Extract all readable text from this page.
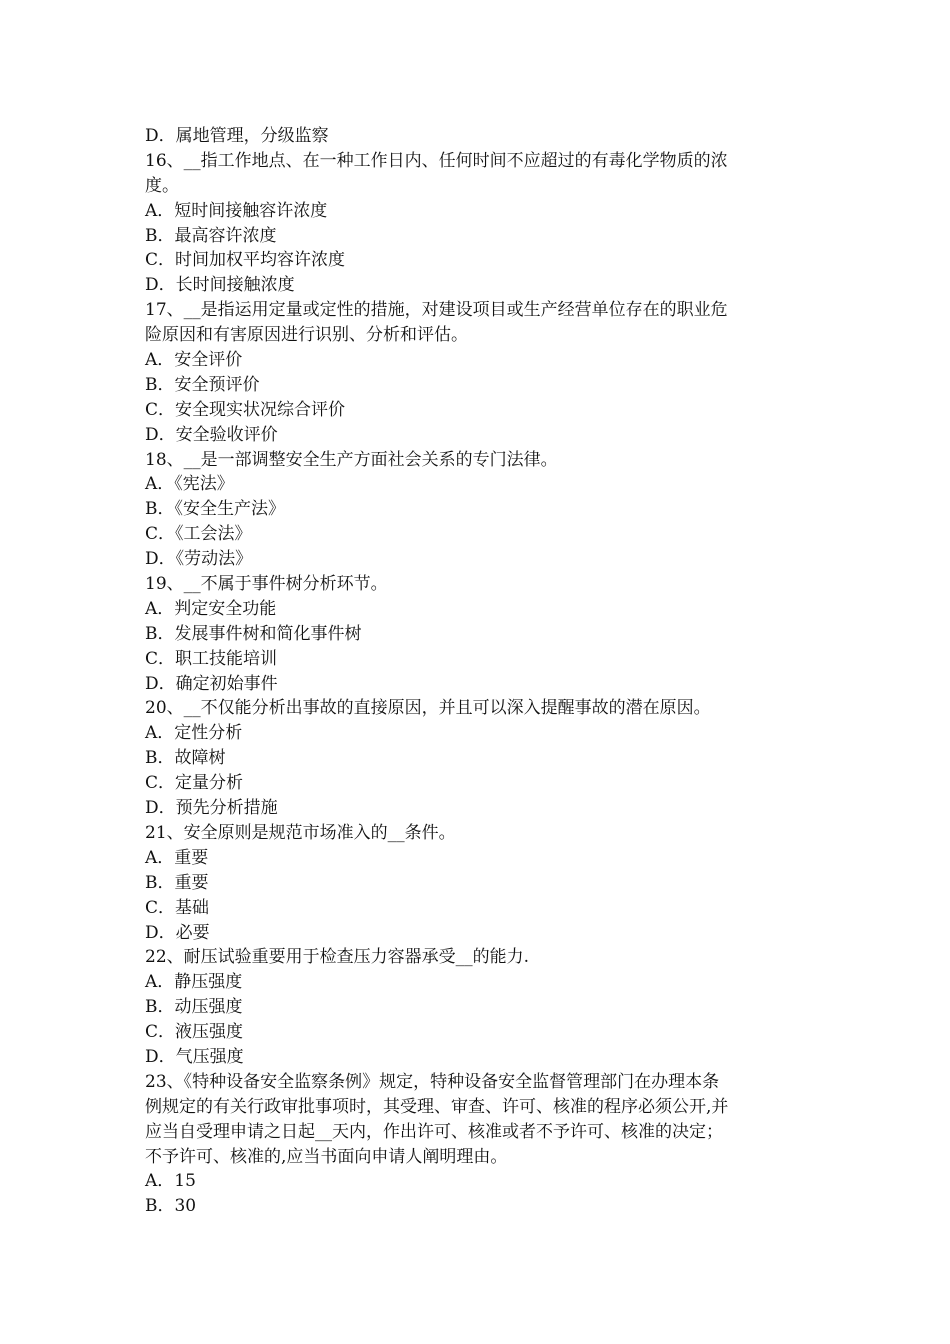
D．属地管理，分级监察
16、__指工作地点、在一种工作日内、任何时间不应超过的有毒化学物质的浓
度。
A．短时间接触容许浓度
B．最高容许浓度
C．时间加权平均容许浓度
D．长时间接触浓度
17、__是指运用定量或定性的措施，对建设项目或生产经营单位存在的职业危
险原因和有害原因进行识别、分析和评估。
A．安全评价
B．安全预评价
C．安全现实状况综合评价
D．安全验收评价
18、__是一部调整安全生产方面社会关系的专门法律。
A．《宪法》
B．《安全生产法》
C．《工会法》
D．《劳动法》
19、__不属于事件树分析环节。
A．判定安全功能
B．发展事件树和简化事件树
C．职工技能培训
D．确定初始事件
20、__不仅能分析出事故的直接原因，并且可以深入提醒事故的潜在原因。
A．定性分析
B．故障树
C．定量分析
D．预先分析措施
21、安全原则是规范市场准入的__条件。
A．重要
B．重要
C．基础
D．必要
22、耐压试验重要用于检查压力容器承受__的能力.
A．静压强度
B．动压强度
C．液压强度
D．气压强度
23、《特种设备安全监察条例》规定，特种设备安全监督管理部门在办理本条
例规定的有关行政审批事项时，其受理、审查、许可、核准的程序必须公开,并
应当自受理申请之日起__天内，作出许可、核准或者不予许可、核准的决定；
不予许可、核准的,应当书面向申请人阐明理由。
A．15
B．30
